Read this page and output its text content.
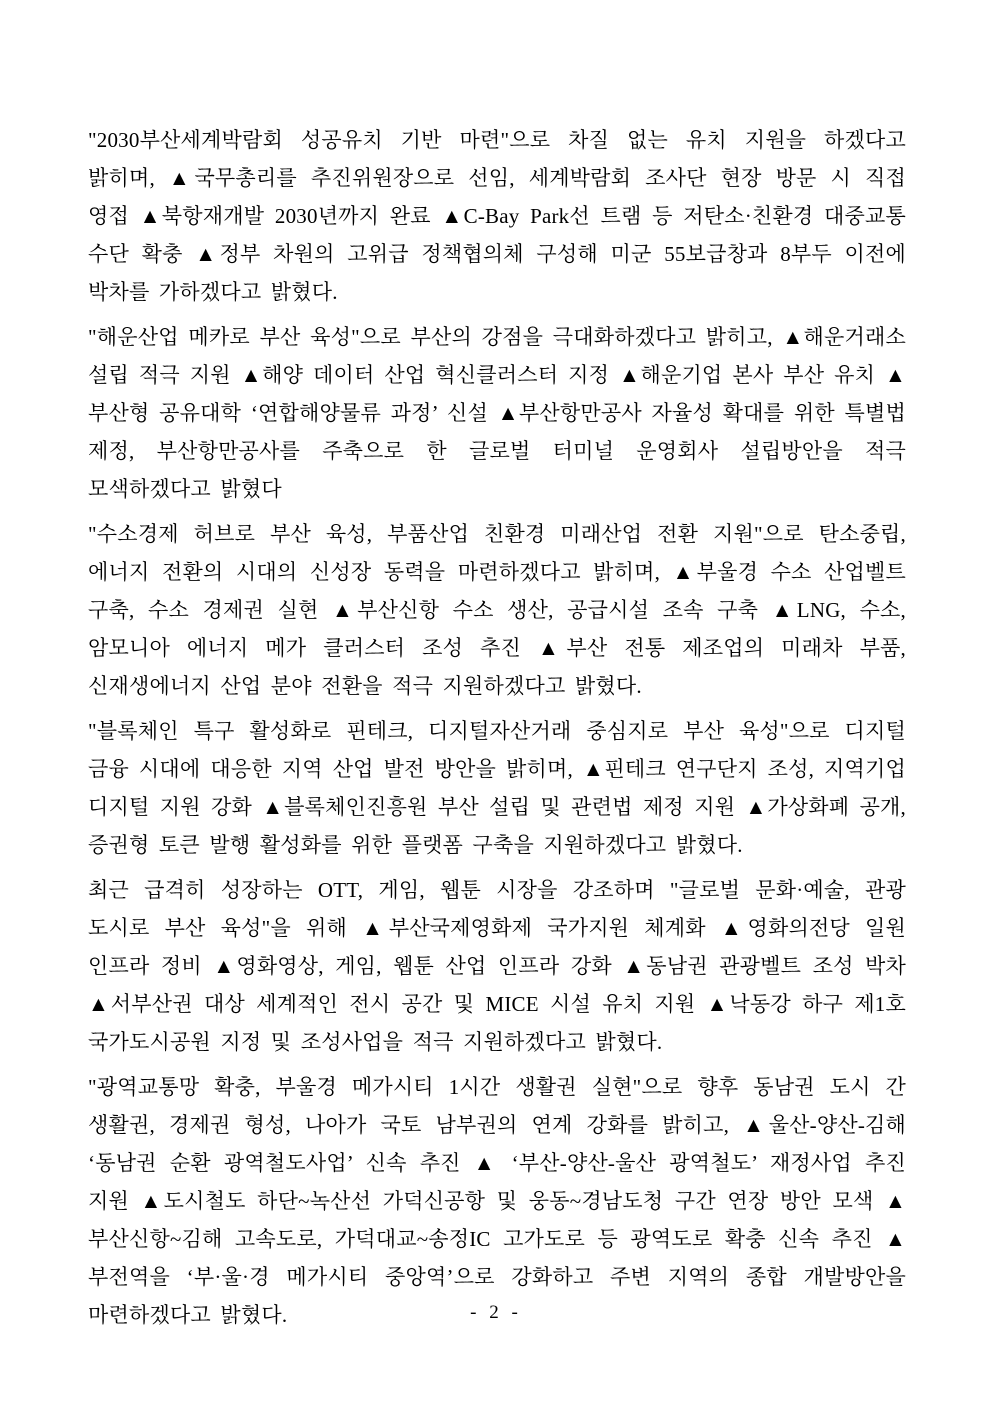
"2030부산세계박람회 성공유치 기반 마련"으로 차질 없는 유치 지원을 하겠다고 밝히며, ▲국무총리를 추진위원장으로 선임, 세계박람회 조사단 현장 방문 시 직접 영접 ▲북항재개발 2030년까지 완료 ▲C-Bay Park선 트램 등 저탄소·친환경 대중교통 수단 확충 ▲정부 차원의 고위급 정책협의체 구성해 미군 55보급창과 8부두 이전에 박차를 가하겠다고 밝혔다.

"해운산업 메카로 부산 육성"으로 부산의 강점을 극대화하겠다고 밝히고, ▲해운거래소 설립 적극 지원 ▲해양 데이터 산업 혁신클러스터 지정 ▲해운기업 본사 부산 유치 ▲부산형 공유대학 ‘연합해양물류 과정’ 신설 ▲부산항만공사 자율성 확대를 위한 특별법 제정, 부산항만공사를 주축으로 한 글로벌 터미널 운영회사 설립방안을 적극 모색하겠다고 밝혔다

"수소경제 허브로 부산 육성, 부품산업 친환경 미래산업 전환 지원"으로 탄소중립, 에너지 전환의 시대의 신성장 동력을 마련하겠다고 밝히며, ▲부울경 수소 산업벨트 구축, 수소 경제권 실현 ▲부산신항 수소 생산, 공급시설 조속 구축 ▲LNG, 수소, 암모니아 에너지 메가 클러스터 조성 추진 ▲부산 전통 제조업의 미래차 부품, 신재생에너지 산업 분야 전환을 적극 지원하겠다고 밝혔다.

"블록체인 특구 활성화로 핀테크, 디지털자산거래 중심지로 부산 육성"으로 디지털 금융 시대에 대응한 지역 산업 발전 방안을 밝히며, ▲핀테크 연구단지 조성, 지역기업 디지털 지원 강화 ▲블록체인진흥원 부산 설립 및 관련법 제정 지원 ▲가상화폐 공개, 증권형 토큰 발행 활성화를 위한 플랫폼 구축을 지원하겠다고 밝혔다.

최근 급격히 성장하는 OTT, 게임, 웹툰 시장을 강조하며 "글로벌 문화·예술, 관광 도시로 부산 육성"을 위해 ▲부산국제영화제 국가지원 체계화 ▲영화의전당 일원 인프라 정비 ▲영화영상, 게임, 웹툰 산업 인프라 강화 ▲동남권 관광벨트 조성 박차 ▲서부산권 대상 세계적인 전시 공간 및 MICE 시설 유치 지원 ▲낙동강 하구 제1호 국가도시공원 지정 및 조성사업을 적극 지원하겠다고 밝혔다.

"광역교통망 확충, 부울경 메가시티 1시간 생활권 실현"으로 향후 동남권 도시 간 생활권, 경제권 형성, 나아가 국토 남부권의 연계 강화를 밝히고, ▲울산-양산-김해 ‘동남권 순환 광역철도사업’ 신속 추진 ▲ ‘부산-양산-울산 광역철도’ 재정사업 추진 지원 ▲도시철도 하단~녹산선 가덕신공항 및 웅동~경남도청 구간 연장 방안 모색 ▲부산신항~김해 고속도로, 가덕대교~송정IC 고가도로 등 광역도로 확충 신속 추진 ▲부전역을 ‘부·울·경 메가시티 중앙역’으로 강화하고 주변 지역의 종합 개발방안을 마련하겠다고 밝혔다.	- 2 -
